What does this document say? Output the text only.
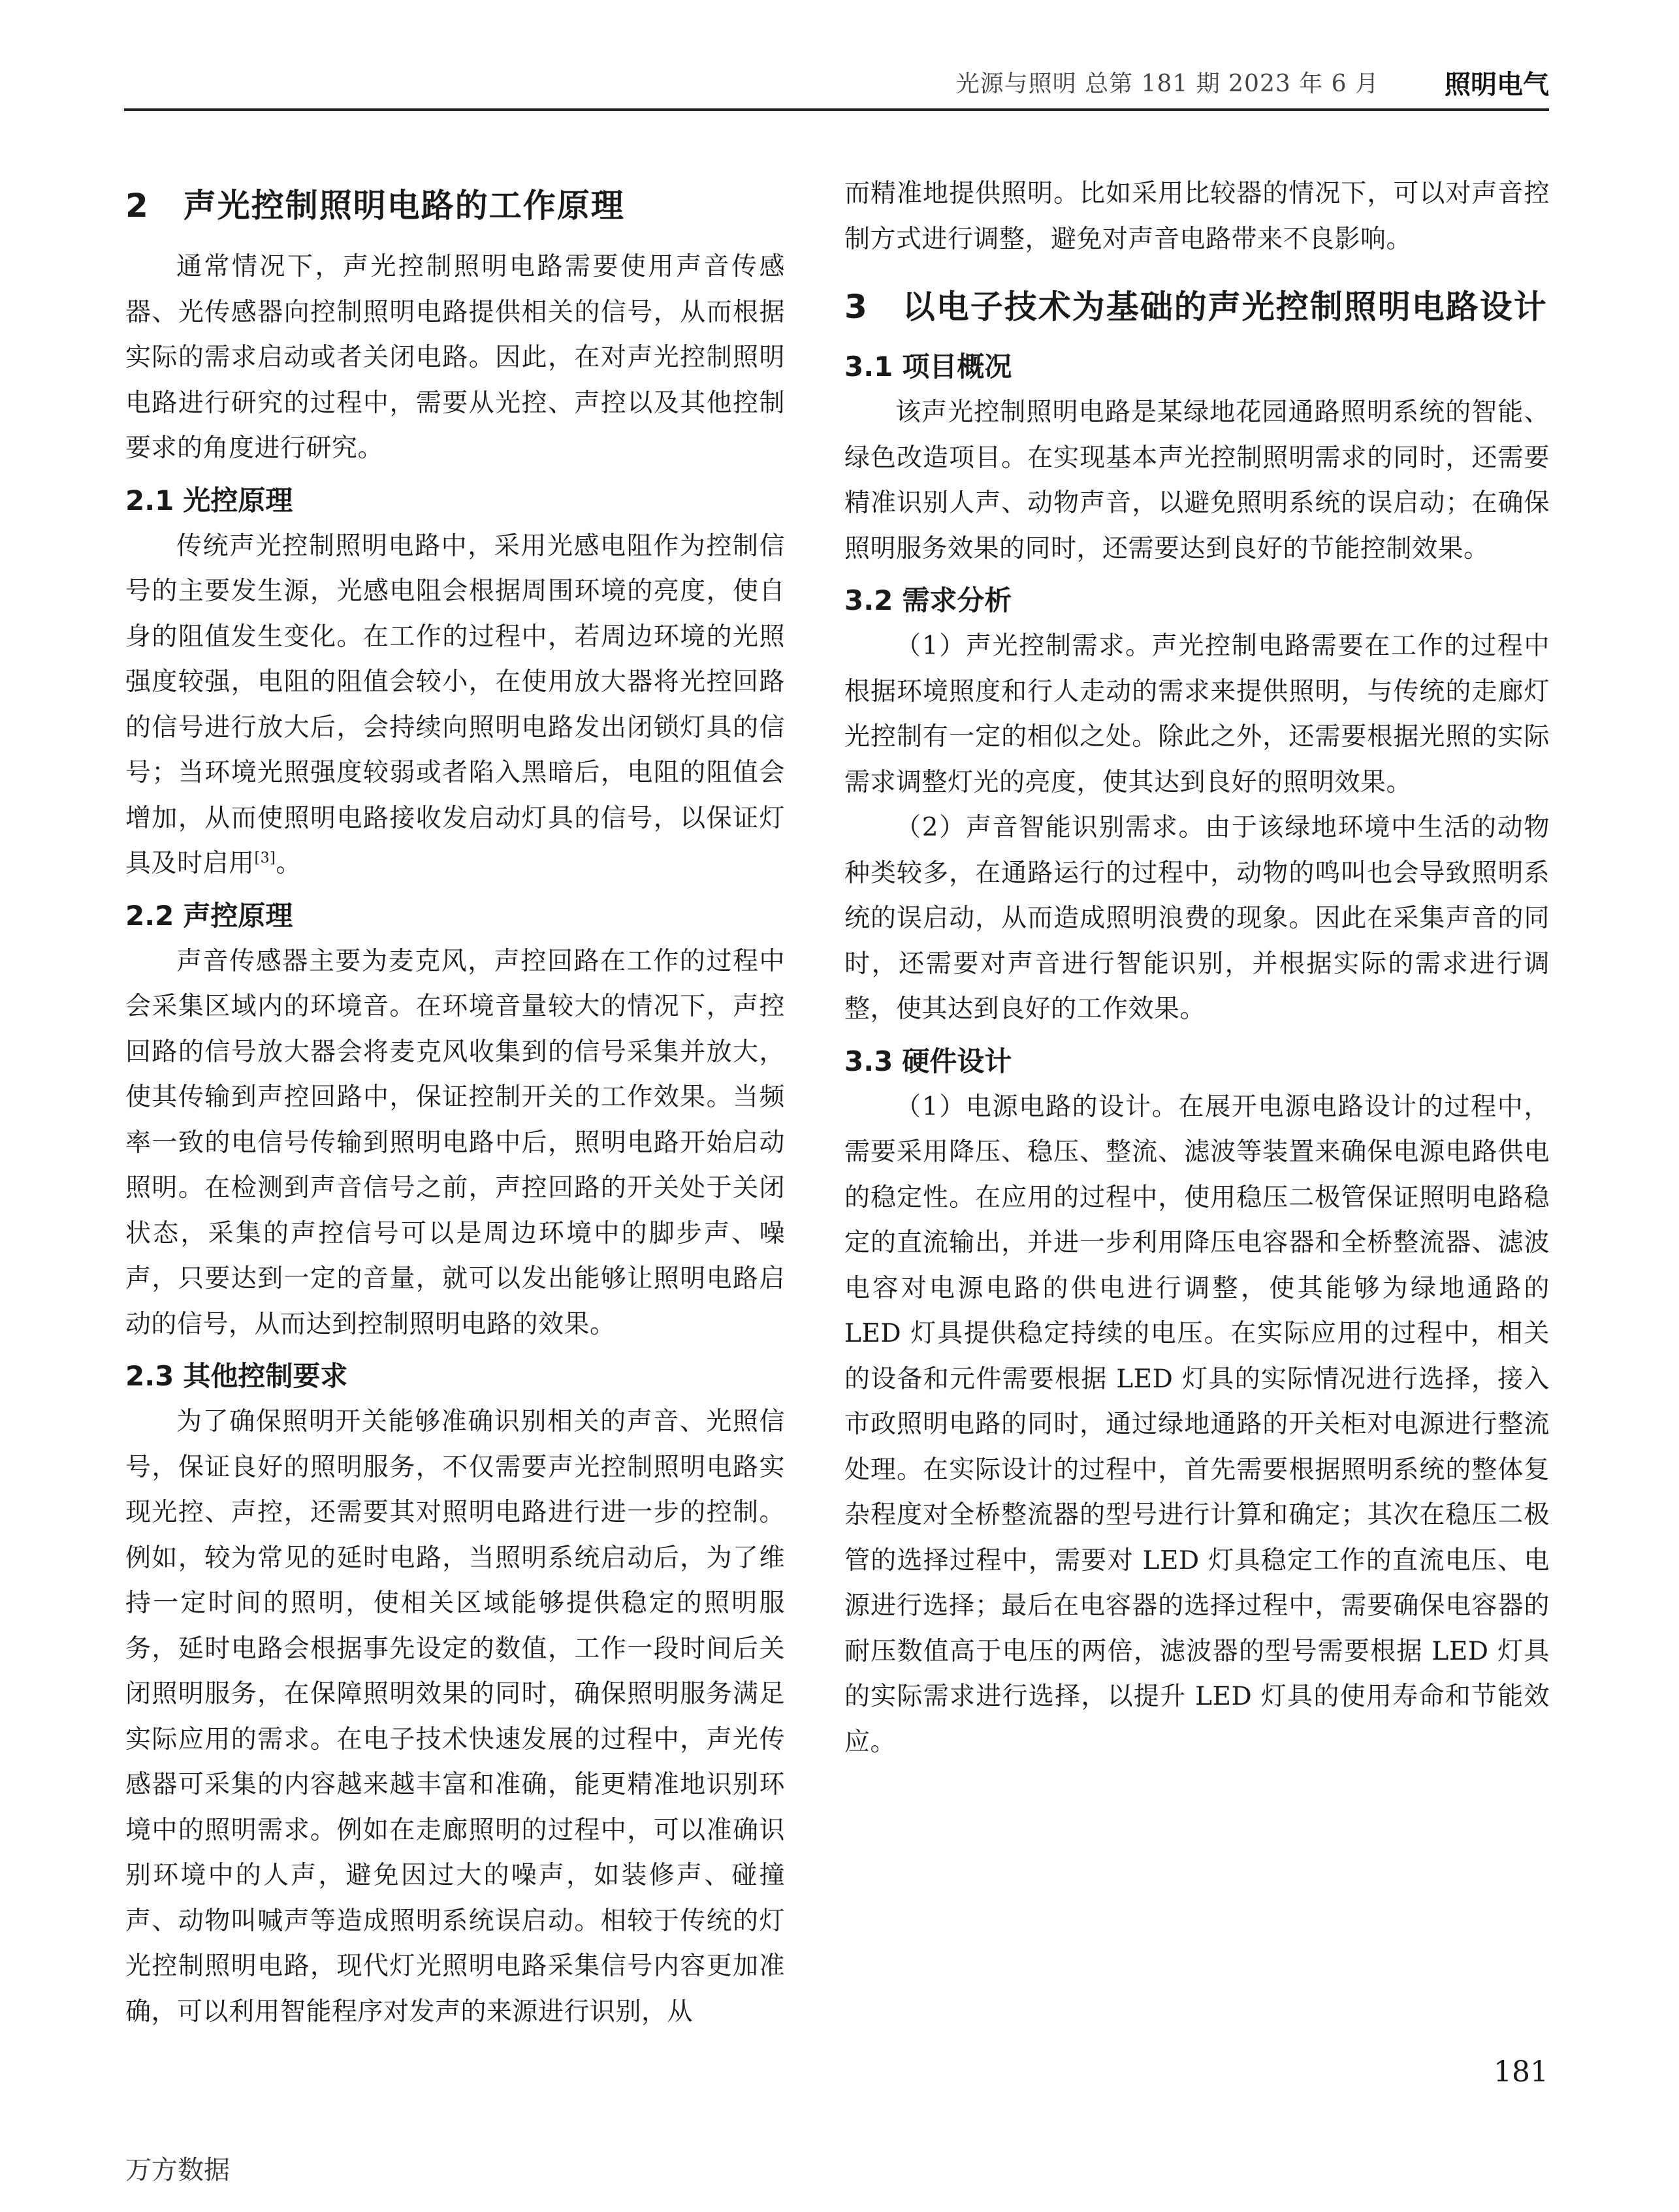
光源与照明 总第 181 期 2023 年 6 月	照明电气
2 声光控制照明电路的工作原理

通常情况下，声光控制照明电路需要使用声音传感器、光传感器向控制照明电路提供相关的信号，从而根据实际的需求启动或者关闭电路。因此，在对声光控制照明电路进行研究的过程中，需要从光控、声控以及其他控制要求的角度进行研究。

2.1 光控原理

传统声光控制照明电路中，采用光感电阻作为控制信号的主要发生源，光感电阻会根据周围环境的亮度，使自身的阻值发生变化。在工作的过程中，若周边环境的光照强度较强，电阻的阻值会较小，在使用放大器将光控回路的信号进行放大后，会持续向照明电路发出闭锁灯具的信号；当环境光照强度较弱或者陷入黑暗后，电阻的阻值会增加，从而使照明电路接收发启动灯具的信号，以保证灯具及时启用[3]。

2.2 声控原理

声音传感器主要为麦克风，声控回路在工作的过程中会采集区域内的环境音。在环境音量较大的情况下，声控回路的信号放大器会将麦克风收集到的信号采集并放大，使其传输到声控回路中，保证控制开关的工作效果。当频率一致的电信号传输到照明电路中后，照明电路开始启动照明。在检测到声音信号之前，声控回路的开关处于关闭状态，采集的声控信号可以是周边环境中的脚步声、噪声，只要达到一定的音量，就可以发出能够让照明电路启动的信号，从而达到控制照明电路的效果。

2.3 其他控制要求

为了确保照明开关能够准确识别相关的声音、光照信号，保证良好的照明服务，不仅需要声光控制照明电路实现光控、声控，还需要其对照明电路进行进一步的控制。例如，较为常见的延时电路，当照明系统启动后，为了维持一定时间的照明，使相关区域能够提供稳定的照明服务，延时电路会根据事先设定的数值，工作一段时间后关闭照明服务，在保障照明效果的同时，确保照明服务满足实际应用的需求。在电子技术快速发展的过程中，声光传感器可采集的内容越来越丰富和准确，能更精准地识别环境中的照明需求。例如在走廊照明的过程中，可以准确识别环境中的人声，避免因过大的噪声，如装修声、碰撞声、动物叫喊声等造成照明系统误启动。相较于传统的灯光控制照明电路，现代灯光照明电路采集信号内容更加准确，可以利用智能程序对发声的来源进行识别，从

而精准地提供照明。比如采用比较器的情况下，可以对声音控制方式进行调整，避免对声音电路带来不良影响。

3 以电子技术为基础的声光控制照明电路设计
3.1 项目概况

该声光控制照明电路是某绿地花园通路照明系统的智能、绿色改造项目。在实现基本声光控制照明需求的同时，还需要精准识别人声、动物声音，以避免照明系统的误启动；在确保照明服务效果的同时，还需要达到良好的节能控制效果。

3.2 需求分析

（1）声光控制需求。声光控制电路需要在工作的过程中根据环境照度和行人走动的需求来提供照明，与传统的走廊灯光控制有一定的相似之处。除此之外，还需要根据光照的实际需求调整灯光的亮度，使其达到良好的照明效果。

（2）声音智能识别需求。由于该绿地环境中生活的动物种类较多，在通路运行的过程中，动物的鸣叫也会导致照明系统的误启动，从而造成照明浪费的现象。因此在采集声音的同时，还需要对声音进行智能识别，并根据实际的需求进行调整，使其达到良好的工作效果。

3.3 硬件设计

（1）电源电路的设计。在展开电源电路设计的过程中，需要采用降压、稳压、整流、滤波等装置来确保电源电路供电的稳定性。在应用的过程中，使用稳压二极管保证照明电路稳定的直流输出，并进一步利用降压电容器和全桥整流器、滤波电容对电源电路的供电进行调整，使其能够为绿地通路的 LED 灯具提供稳定持续的电压。在实际应用的过程中，相关的设备和元件需要根据 LED 灯具的实际情况进行选择，接入市政照明电路的同时，通过绿地通路的开关柜对电源进行整流处理。在实际设计的过程中，首先需要根据照明系统的整体复杂程度对全桥整流器的型号进行计算和确定；其次在稳压二极管的选择过程中，需要对 LED 灯具稳定工作的直流电压、电源进行选择；最后在电容器的选择过程中，需要确保电容器的耐压数值高于电压的两倍，滤波器的型号需要根据 LED 灯具的实际需求进行选择，以提升 LED 灯具的使用寿命和节能效应。

181
万方数据
